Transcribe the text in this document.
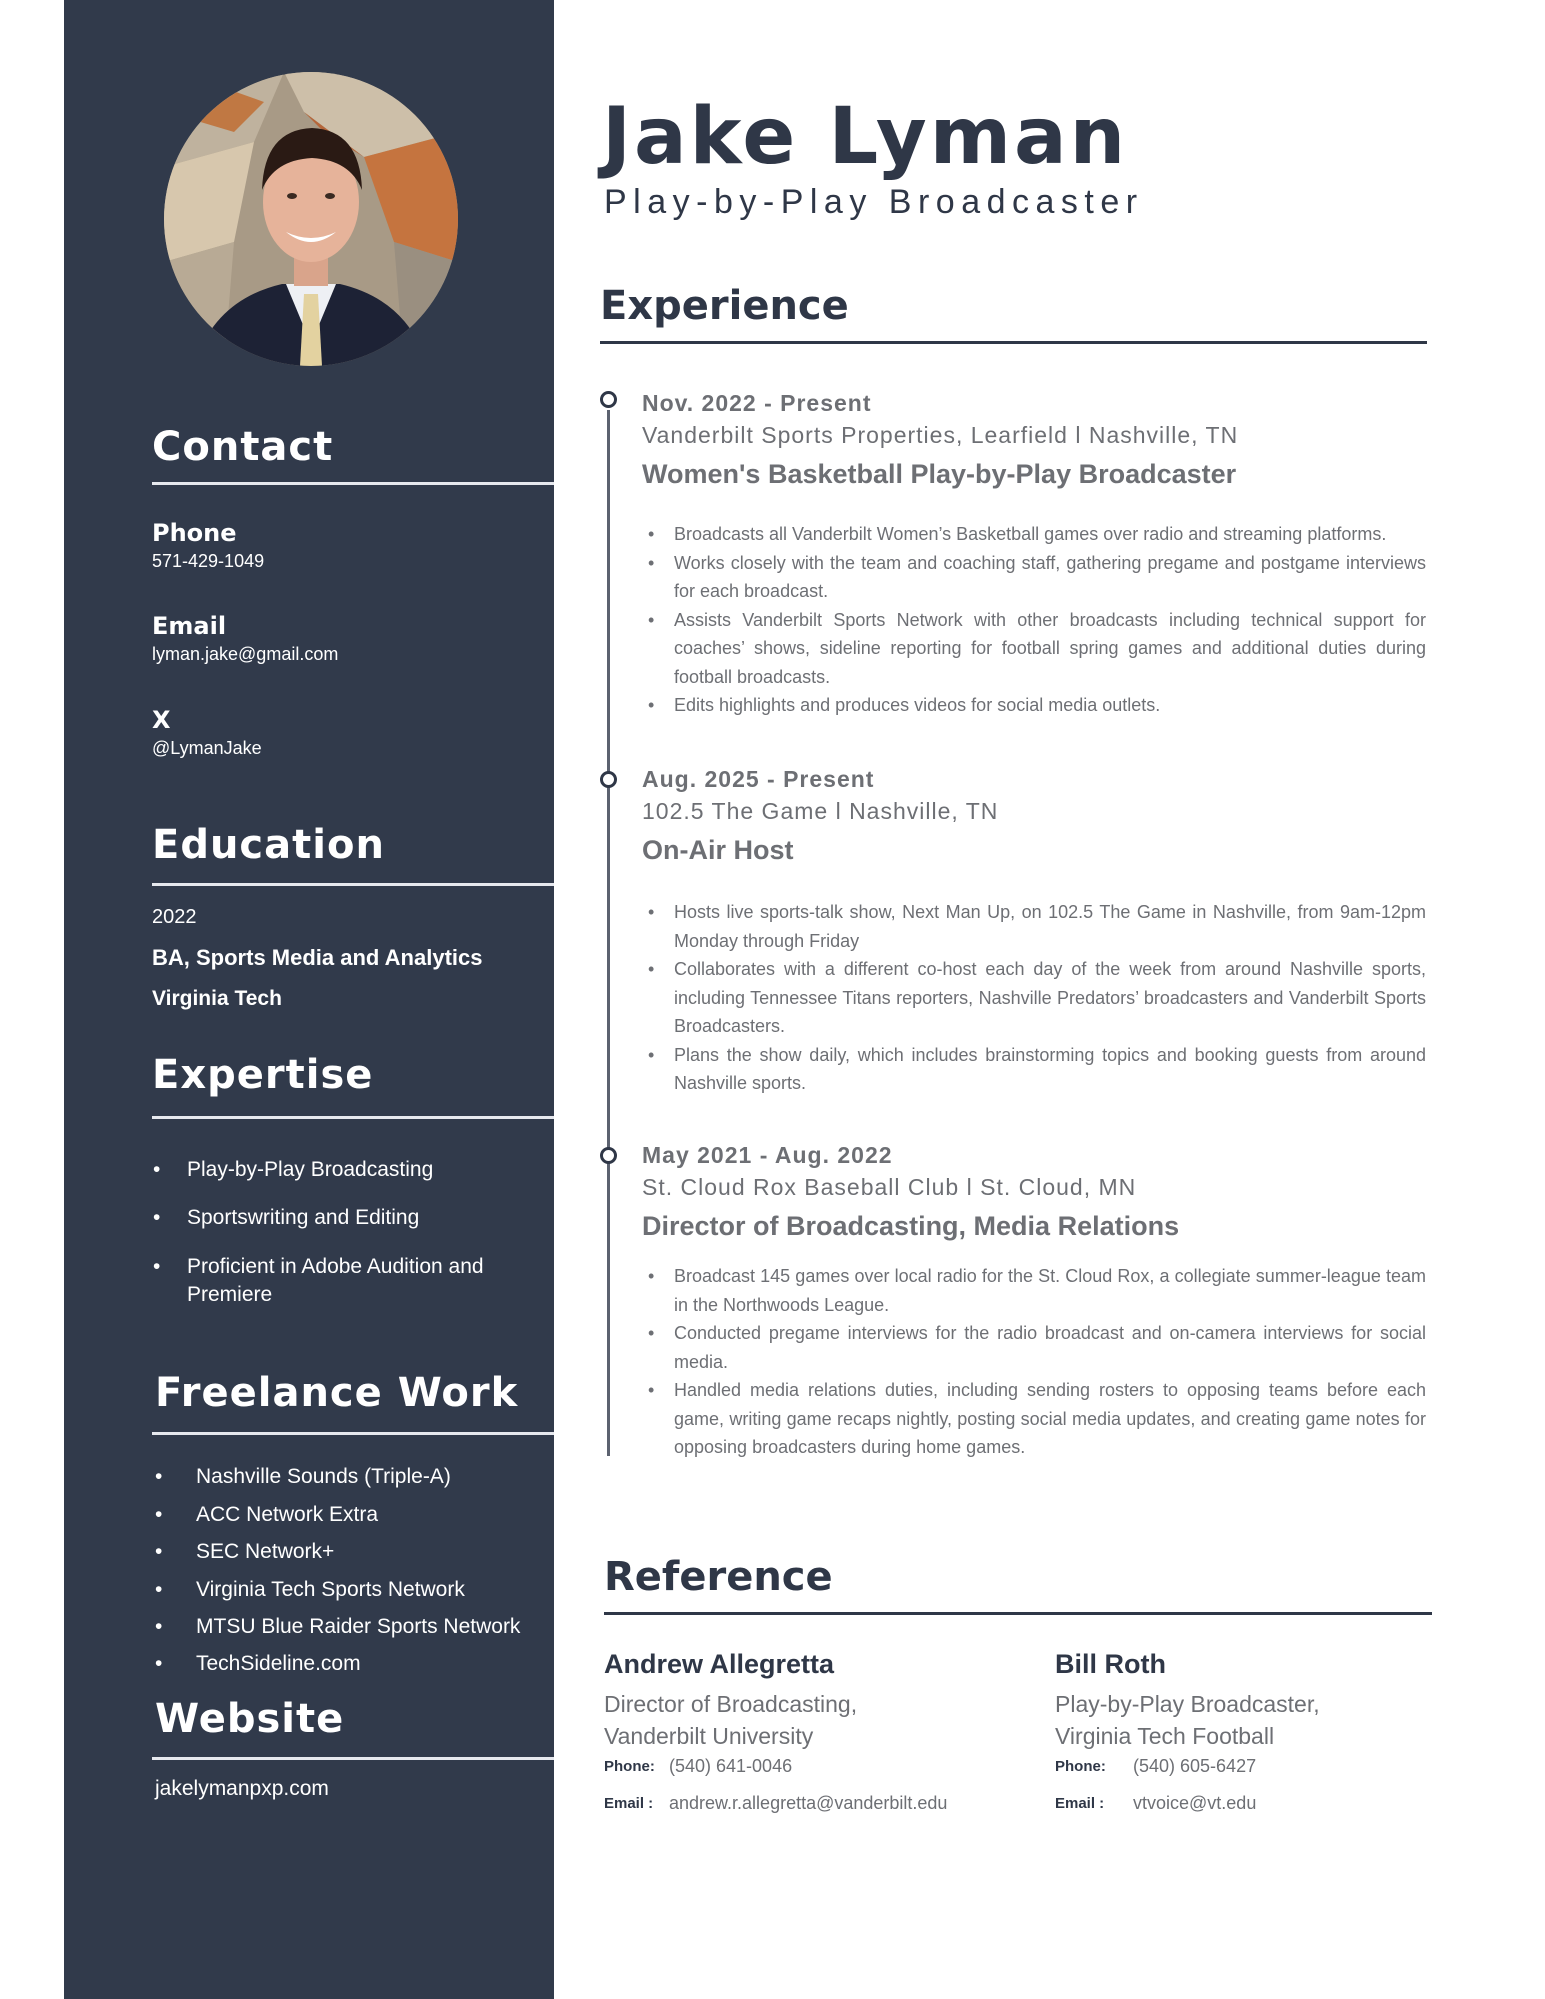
Contact
Phone
571-429-1049
Email
lyman.jake@gmail.com
X
@LymanJake
Education
2022
BA, Sports Media and Analytics
Virginia Tech
Expertise
•	Play-by-Play Broadcasting
•	Sportswriting and Editing
•	Proficient in Adobe Audition and Premiere
Freelance Work
•	Nashville Sounds (Triple-A)
•	ACC Network Extra
•	SEC Network+
•	Virginia Tech Sports Network
•	MTSU Blue Raider Sports Network
•	TechSideline.com
Website
jakelymanpxp.com
Jake Lyman
Play-by-Play Broadcaster
Experience
Nov. 2022 - Present
Vanderbilt Sports Properties, Learfield l Nashville, TN
Women's Basketball Play-by-Play Broadcaster
• Broadcasts all Vanderbilt Women’s Basketball games over radio and streaming platforms.
• Works closely with the team and coaching staff, gathering pregame and postgame interviews for each broadcast.
• Assists Vanderbilt Sports Network with other broadcasts including technical support for coaches’ shows, sideline reporting for football spring games and additional duties during football broadcasts.
• Edits highlights and produces videos for social media outlets.
Aug. 2025 - Present
102.5 The Game l Nashville, TN
On-Air Host
• Hosts live sports-talk show, Next Man Up, on 102.5 The Game in Nashville, from 9am-12pm Monday through Friday
• Collaborates with a different co-host each day of the week from around Nashville sports, including Tennessee Titans reporters, Nashville Predators’ broadcasters and Vanderbilt Sports Broadcasters.
• Plans the show daily, which includes brainstorming topics and booking guests from around Nashville sports.
May 2021 - Aug. 2022
St. Cloud Rox Baseball Club l St. Cloud, MN
Director of Broadcasting, Media Relations
• Broadcast 145 games over local radio for the St. Cloud Rox, a collegiate summer-league team in the Northwoods League.
• Conducted pregame interviews for the radio broadcast and on-camera interviews for social media.
• Handled media relations duties, including sending rosters to opposing teams before each game, writing game recaps nightly, posting social media updates, and creating game notes for opposing broadcasters during home games.
Reference
Andrew Allegretta
Director of Broadcasting,
Vanderbilt University
Phone: (540) 641-0046
Email : andrew.r.allegretta@vanderbilt.edu
Bill Roth
Play-by-Play Broadcaster,
Virginia Tech Football
Phone: (540) 605-6427
Email : vtvoice@vt.edu
